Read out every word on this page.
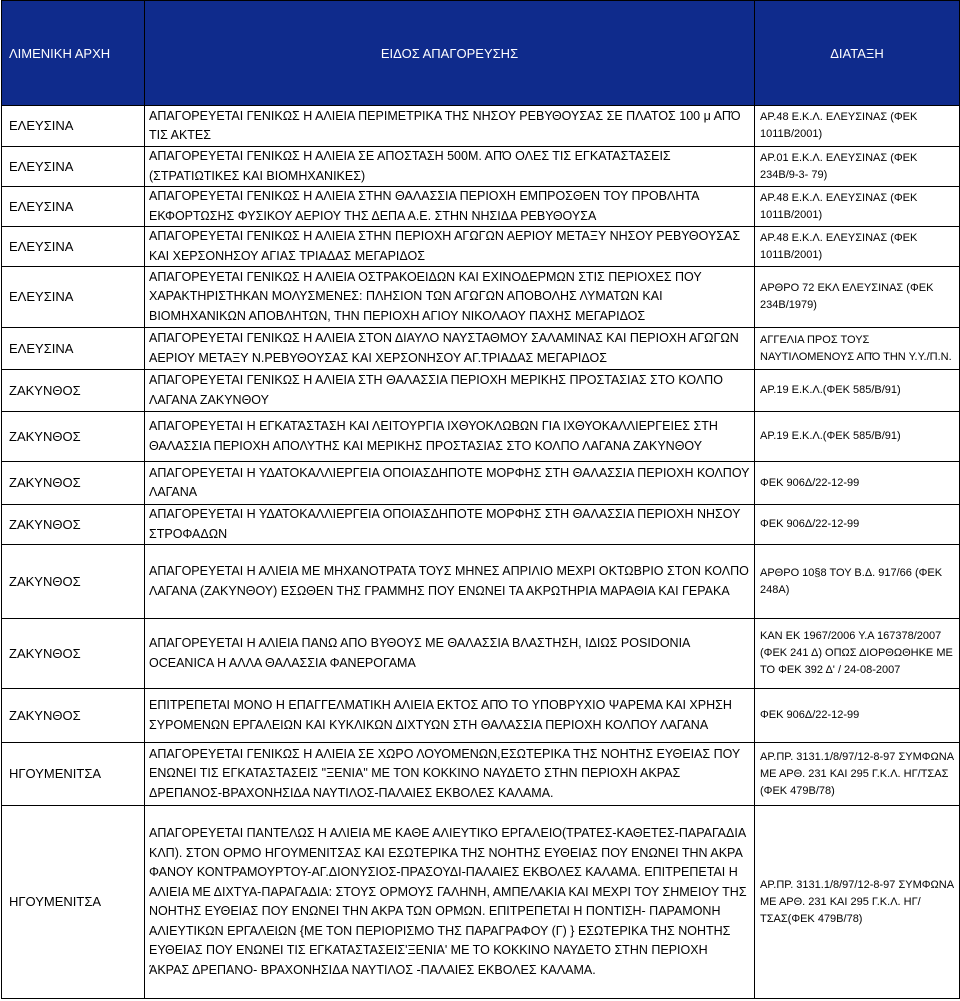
ΛΙΜΕΝΙΚΗ ΑΡΧΗ	ΕΙΔΟΣ ΑΠΑΓΟΡΕΥΣΗΣ	ΔΙΑΤΑΞΗ
ΕΛΕΥΣΙΝΑ	ΑΠΑΓΟΡΕΥΕΤΑΙ ΓΕΝΙΚΩΣ Η ΑΛΙΕΙΑ ΠΕΡΙΜΕΤΡΙΚΑ ΤΗΣ ΝΗΣΟΥ ΡΕΒΥΘΟΥΣΑΣ ΣΕ ΠΛΑΤΟΣ 100 μ ΑΠΌ ΤΙΣ ΑΚΤΕΣ	ΑΡ.48 Ε.Κ.Λ. ΕΛΕΥΣΙΝΑΣ (ΦΕΚ 1011Β/2001)
ΕΛΕΥΣΙΝΑ	ΑΠΑΓΟΡΕΥΕΤΑΙ ΓΕΝΙΚΩΣ Η ΑΛΙΕΙΑ ΣΕ ΑΠΟΣΤΑΣΗ 500Μ. ΑΠΌ ΟΛΕΣ ΤΙΣ ΕΓΚΑΤΑΣΤΑΣΕΙΣ (ΣΤΡΑΤΙΩΤΙΚΕΣ ΚΑΙ ΒΙΟΜΗΧΑΝΙΚΕΣ)	ΑΡ.01 Ε.Κ.Λ. ΕΛΕΥΣΙΝΑΣ (ΦΕΚ 234Β/9-3- 79)
ΕΛΕΥΣΙΝΑ	ΑΠΑΓΟΡΕΥΕΤΑΙ ΓΕΝΙΚΩΣ Η ΑΛΙΕΙΑ ΣΤΗΝ ΘΑΛΑΣΣΙΑ ΠΕΡΙΟΧΗ ΕΜΠΡΟΣΘΕΝ ΤΟΥ ΠΡΟΒΛΗΤΑ ΕΚΦΟΡΤΩΣΗΣ ΦΥΣΙΚΟΥ ΑΕΡΙΟΥ ΤΗΣ ΔΕΠΑ Α.Ε. ΣΤΗΝ ΝΗΣΙΔΑ ΡΕΒΥΘΟΥΣΑ	ΑΡ.48 Ε.Κ.Λ. ΕΛΕΥΣΙΝΑΣ (ΦΕΚ 1011Β/2001)
ΕΛΕΥΣΙΝΑ	ΑΠΑΓΟΡΕΥΕΤΑΙ ΓΕΝΙΚΩΣ Η ΑΛΙΕΙΑ ΣΤΗΝ ΠΕΡΙΟΧΗ ΑΓΩΓΩΝ ΑΕΡΙΟΥ ΜΕΤΑΞΥ ΝΗΣΟΥ ΡΕΒΥΘΟΥΣΑΣ ΚΑΙ ΧΕΡΣΟΝΗΣΟΥ ΑΓΙΑΣ ΤΡΙΑΔΑΣ ΜΕΓΑΡΙΔΟΣ	ΑΡ.48 Ε.Κ.Λ. ΕΛΕΥΣΙΝΑΣ (ΦΕΚ 1011Β/2001)
ΕΛΕΥΣΙΝΑ	ΑΠΑΓΟΡΕΥΕΤΑΙ ΓΕΝΙΚΩΣ Η ΑΛΙΕΙΑ ΟΣΤΡΑΚΟΕΙΔΩΝ ΚΑΙ ΕΧΙΝΟΔΕΡΜΩΝ ΣΤΙΣ ΠΕΡΙΟΧΕΣ ΠΟΥ ΧΑΡΑΚΤΗΡΙΣΤΗΚΑΝ ΜΟΛΥΣΜΕΝΕΣ: ΠΛΗΣΙΟΝ ΤΩΝ ΑΓΩΓΩΝ ΑΠΟΒΟΛΗΣ ΛΥΜΑΤΩΝ ΚΑΙ ΒΙΟΜΗΧΑΝΙΚΩΝ ΑΠΟΒΛΗΤΩΝ, ΤΗΝ ΠΕΡΙΟΧΗ ΑΓΙΟΥ ΝΙΚΟΛΑΟΥ ΠΑΧΗΣ ΜΕΓΑΡΙΔΟΣ	ΑΡΘΡΟ 72 ΕΚΛ ΕΛΕΥΣΙΝΑΣ (ΦΕΚ 234Β/1979)
ΕΛΕΥΣΙΝΑ	ΑΠΑΓΟΡΕΥΕΤΑΙ ΓΕΝΙΚΩΣ Η ΑΛΙΕΙΑ ΣΤΟΝ ΔΙΑΥΛΟ ΝΑΥΣΤΑΘΜΟΥ ΣΑΛΑΜΙΝΑΣ ΚΑΙ ΠΕΡΙΟΧΗ ΑΓΩΓΩΝ ΑΕΡΙΟΥ ΜΕΤΑΞΥ Ν.ΡΕΒΥΘΟΥΣΑΣ ΚΑΙ ΧΕΡΣΟΝΗΣΟΥ ΑΓ.ΤΡΙΑΔΑΣ ΜΕΓΑΡΙΔΟΣ	ΑΓΓΕΛΙΑ ΠΡΟΣ ΤΟΥΣ ΝΑΥΤΙΛΟΜΕΝΟΥΣ ΑΠΌ ΤΗΝ Υ.Υ./Π.Ν.
ΖΑΚΥΝΘΟΣ	ΑΠΑΓΟΡΕΥΕΤΑΙ ΓΕΝΙΚΩΣ Η ΑΛΙΕΙΑ ΣΤΗ ΘΑΛΑΣΣΙΑ ΠΕΡΙΟΧΗ ΜΕΡΙΚΗΣ ΠΡΟΣΤΑΣΙΑΣ ΣΤΟ ΚΟΛΠΟ ΛΑΓΑΝΑ ΖΑΚΥΝΘΟΥ	ΑΡ.19 Ε.Κ.Λ.(ΦΕΚ 585/Β/91)
ΖΑΚΥΝΘΟΣ	ΑΠΑΓΟΡΕΥΕΤΑΙ Η ΕΓΚΑΤΆΣΤΑΣΗ ΚΑΙ ΛΕΙΤΟΥΡΓΙΑ ΙΧΘΥΟΚΛΩΒΩΝ ΓΙΑ ΙΧΘΥΟΚΑΛΛΙΕΡΓΕΙΕΣ ΣΤΗ ΘΑΛΑΣΣΙΑ ΠΕΡΙΟΧΗ ΑΠΟΛΥΤΗΣ ΚΑΙ ΜΕΡΙΚΗΣ ΠΡΟΣΤΑΣΙΑΣ ΣΤΟ ΚΟΛΠΟ ΛΑΓΑΝΑ ΖΑΚΥΝΘΟΥ	ΑΡ.19 Ε.Κ.Λ.(ΦΕΚ 585/Β/91)
ΖΑΚΥΝΘΟΣ	ΑΠΑΓΟΡΕΥΕΤΑΙ Η ΥΔΑΤΟΚΑΛΛΙΕΡΓΕΙΑ ΟΠΟΙΑΣΔΗΠΟΤΕ ΜΟΡΦΗΣ ΣΤΗ ΘΑΛΑΣΣΙΑ ΠΕΡΙΟΧΗ ΚΟΛΠΟΥ ΛΑΓΑΝΑ	ΦΕΚ 906Δ/22-12-99
ΖΑΚΥΝΘΟΣ	ΑΠΑΓΟΡΕΥΕΤΑΙ Η ΥΔΑΤΟΚΑΛΛΙΕΡΓΕΙΑ ΟΠΟΙΑΣΔΗΠΟΤΕ ΜΟΡΦΗΣ ΣΤΗ ΘΑΛΑΣΣΙΑ ΠΕΡΙΟΧΗ ΝΗΣΟΥ ΣΤΡΟΦΑΔΩΝ	ΦΕΚ 906Δ/22-12-99
ΖΑΚΥΝΘΟΣ	ΑΠΑΓΟΡΕΥΕΤΑΙ Η ΑΛΙΕΙΑ ΜΕ ΜΗΧΑΝΟΤΡΑΤΑ ΤΟΥΣ ΜΗΝΕΣ ΑΠΡΙΛΙΟ ΜΕΧΡΙ ΟΚΤΩΒΡΙΟ ΣΤΟΝ ΚΟΛΠΟ ΛΑΓΑΝΑ (ΖΑΚΥΝΘΟΥ) ΕΣΩΘΕΝ ΤΗΣ ΓΡΑΜΜΗΣ ΠΟΥ ΕΝΩΝΕΙ ΤΑ ΑΚΡΩΤΗΡΙΑ ΜΑΡΑΘΙΑ ΚΑΙ ΓΕΡΑΚΑ	ΑΡΘΡΟ 10§8 ΤΟΥ Β.Δ. 917/66 (ΦΕΚ 248Α)
ΖΑΚΥΝΘΟΣ	ΑΠΑΓΟΡΕΥΕΤΑΙ Η ΑΛΙΕΙΑ ΠΑΝΩ ΑΠΟ ΒΥΘΟΥΣ ΜΕ ΘΑΛΑΣΣΙΑ ΒΛΑΣΤΗΣΗ, ΙΔΙΩΣ POSIDONIA OCEANICA Η ΑΛΛΑ ΘΑΛΑΣΣΙΑ ΦΑΝΕΡΟΓΑΜΑ	ΚΑΝ ΕΚ 1967/2006 Υ.Α 167378/2007 (ΦΕΚ 241 Δ) ΟΠΩΣ ΔΙΟΡΘΩΘΗΚΕ ΜΕ ΤΟ ΦΕΚ 392 Δ' / 24-08-2007
ΖΑΚΥΝΘΟΣ	ΕΠΙΤΡΕΠΕΤΑΙ ΜΟΝΟ Η ΕΠΑΓΓΕΛΜΑΤΙΚΗ ΑΛΙΕΙΑ ΕΚΤΟΣ ΑΠΌ ΤΟ ΥΠΟΒΡΥΧΙΟ ΨΑΡΕΜΑ ΚΑΙ ΧΡΗΣΗ ΣΥΡΟΜΕΝΩΝ ΕΡΓΑΛΕΙΩΝ ΚΑΙ ΚΥΚΛΙΚΩΝ ΔΙΧΤΥΩΝ ΣΤΗ ΘΑΛΑΣΣΙΑ ΠΕΡΙΟΧΗ ΚΟΛΠΟΥ ΛΑΓΑΝΑ	ΦΕΚ 906Δ/22-12-99
ΗΓΟΥΜΕΝΙΤΣΑ	ΑΠΑΓΟΡΕΥΕΤΑΙ ΓΕΝΙΚΩΣ Η ΑΛΙΕΙΑ ΣΕ ΧΩΡΟ ΛΟΥΟΜΕΝΩΝ,ΕΣΩΤΕΡΙΚΑ ΤΗΣ ΝΟΗΤΗΣ ΕΥΘΕΙΑΣ ΠΟΥ ΕΝΩΝΕΙ ΤΙΣ ΕΓΚΑΤΑΣΤΑΣΕΙΣ "ΞΕΝΙΑ" ΜΕ ΤΟΝ ΚΟΚΚΙΝΟ ΝΑΥΔΕΤΟ ΣΤΗΝ ΠΕΡΙΟΧΗ ΑΚΡΑΣ ΔΡΕΠΑΝΟΣ-ΒΡΑΧΟΝΗΣΙΔΑ ΝΑΥΤΙΛΟΣ-ΠΑΛΑΙΕΣ ΕΚΒΟΛΕΣ ΚΑΛΑΜΑ.	ΑΡ.ΠΡ. 3131.1/8/97/12-8-97 ΣΥΜΦΩΝΑ ΜΕ ΑΡΘ. 231 ΚΑΙ 295 Γ.Κ.Λ. ΗΓ/ΤΣΑΣ (ΦΕΚ 479Β/78)
ΗΓΟΥΜΕΝΙΤΣΑ	ΑΠΑΓΟΡΕΥΕΤΑΙ ΠΑΝΤΕΛΩΣ Η ΑΛΙΕΙΑ ΜΕ ΚΑΘΕ ΑΛΙΕΥΤΙΚΟ ΕΡΓΑΛΕΙΟ(ΤΡΑΤΕΣ-ΚΑΘΕΤΕΣ-ΠΑΡΑΓΑΔΙΑ ΚΛΠ). ΣΤΟΝ ΟΡΜΟ ΗΓΟΥΜΕΝΙΤΣΑΣ ΚΑΙ ΕΣΩΤΕΡΙΚΑ ΤΗΣ ΝΟΗΤΗΣ ΕΥΘΕΙΑΣ ΠΟΥ ΕΝΩΝΕΙ ΤΗΝ ΑΚΡΑ ΦΑΝΟΥ ΚΟΝΤΡΑΜΟΥΡΤΟΥ-ΑΓ.ΔΙΟΝΥΣΙΟΣ-ΠΡΑΣΟΥΔΙ-ΠΑΛΑΙΕΣ ΕΚΒΟΛΕΣ ΚΑΛΑΜΑ. ΕΠΙΤΡΕΠΕΤΑΙ Η ΑΛΙΕΙΑ ΜΕ ΔΙΧΤΥΑ-ΠΑΡΑΓΑΔΙΑ: ΣΤΟΥΣ ΟΡΜΟΥΣ ΓΑΛΗΝΗ, ΑΜΠΕΛΑΚΙΑ ΚΑΙ ΜΕΧΡΙ ΤΟΥ ΣΗΜΕΙΟΥ ΤΗΣ ΝΟΗΤΗΣ ΕΥΘΕΙΑΣ ΠΟΥ ΕΝΩΝΕΙ ΤΗΝ ΑΚΡΑ ΤΩΝ ΟΡΜΩΝ. ΕΠΙΤΡΕΠΕΤΑΙ Η ΠΟΝΤΙΣΗ- ΠΑΡΑΜΟΝΗ ΑΛΙΕΥΤΙΚΩΝ ΕΡΓΑΛΕΙΩΝ {ΜΕ ΤΟΝ ΠΕΡΙΟΡΙΣΜΟ ΤΗΣ ΠΑΡΑΓΡΑΦΟΥ (Γ) } ΕΣΩΤΕΡΙΚΑ ΤΗΣ ΝΟΗΤΗΣ ΕΥΘΕΙΑΣ ΠΟΥ ΕΝΩΝΕΙ ΤΙΣ ΕΓΚΑΤΑΣΤΑΣΕΙΣ'ΞΕΝΙΑ' ΜΕ ΤΟ ΚΟΚΚΙΝΟ ΝΑΥΔΕΤΟ ΣΤΗΝ ΠΕΡΙΟΧΗ ΆΚΡΑΣ ΔΡΕΠΑΝΟ- ΒΡΑΧΟΝΗΣΙΔΑ ΝΑΥΤΙΛΟΣ -ΠΑΛΑΙΕΣ ΕΚΒΟΛΕΣ ΚΑΛΑΜΑ.	ΑΡ.ΠΡ. 3131.1/8/97/12-8-97 ΣΥΜΦΩΝΑ ΜΕ ΑΡΘ. 231 ΚΑΙ 295 Γ.Κ.Λ. ΗΓ/ΤΣΑΣ(ΦΕΚ 479Β/78)
